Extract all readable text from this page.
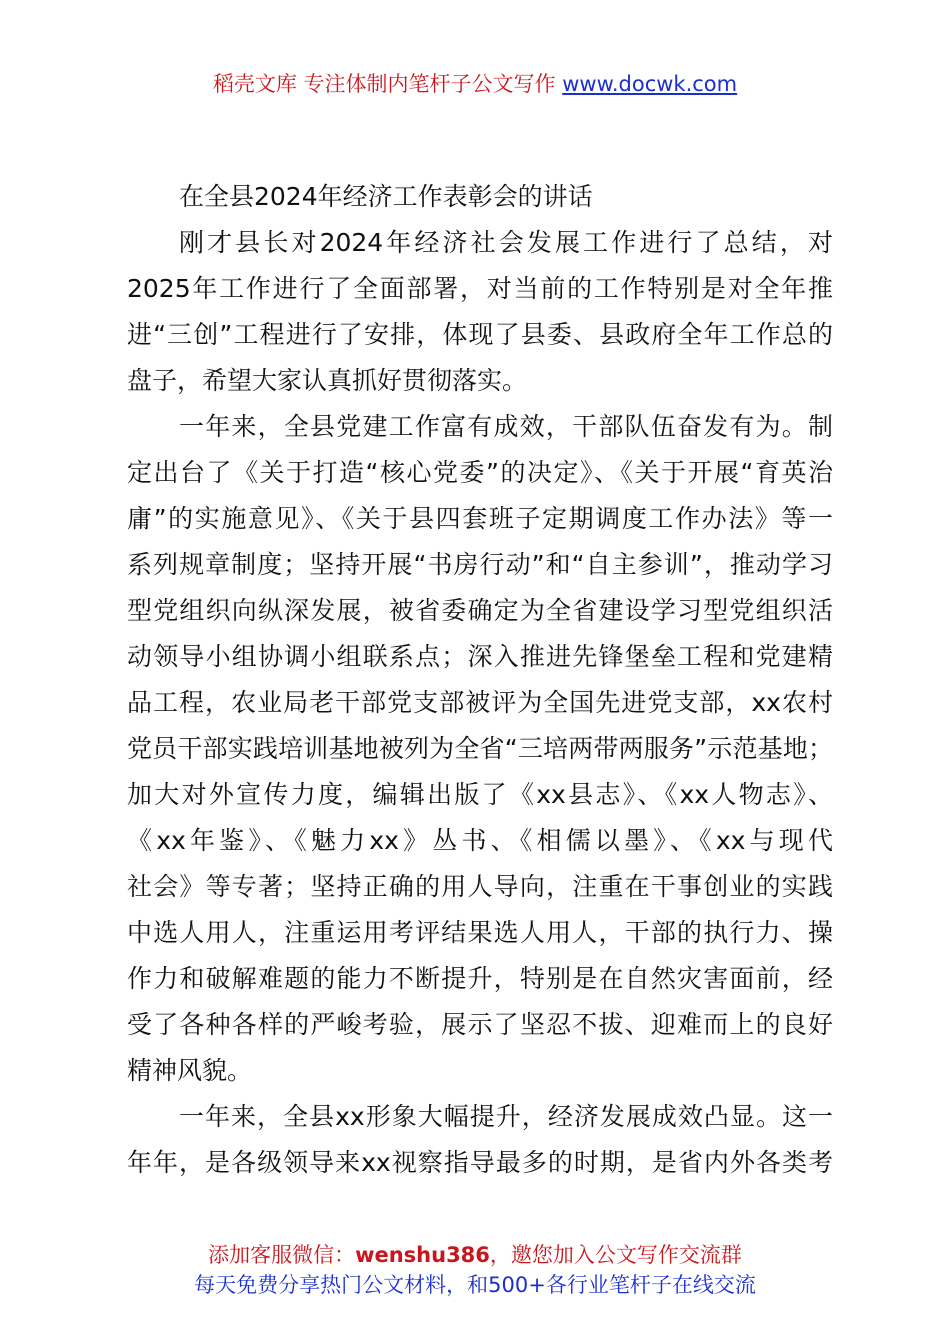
稻壳文库 专注体制内笔杆子公文写作 www.docwk.com

在全县2024年经济工作表彰会的讲话

刚才县长对2024年经济社会发展工作进行了总结，对
2025年工作进行了全面部署，对当前的工作特别是对全年推
进“三创”工程进行了安排，体现了县委、县政府全年工作总的
盘子，希望大家认真抓好贯彻落实。
一年来，全县党建工作富有成效，干部队伍奋发有为。制
定出台了《关于打造“核心党委”的决定》、《关于开展“育英治
庸”的实施意见》、《关于县四套班子定期调度工作办法》等一
系列规章制度；坚持开展“书房行动”和“自主参训”，推动学习
型党组织向纵深发展，被省委确定为全省建设学习型党组织活
动领导小组协调小组联系点；深入推进先锋堡垒工程和党建精
品工程，农业局老干部党支部被评为全国先进党支部，xx农村
党员干部实践培训基地被列为全省“三培两带两服务”示范基地；
加大对外宣传力度，编辑出版了《xx县志》、《xx人物志》、
《xx年鉴》、《魅力xx》丛书、《相儒以墨》、《xx与现代
社会》等专著；坚持正确的用人导向，注重在干事创业的实践
中选人用人，注重运用考评结果选人用人，干部的执行力、操
作力和破解难题的能力不断提升，特别是在自然灾害面前，经
受了各种各样的严峻考验，展示了坚忍不拔、迎难而上的良好
精神风貌。
一年来，全县xx形象大幅提升，经济发展成效凸显。这一
年年，是各级领导来xx视察指导最多的时期，是省内外各类考
添加客服微信：wenshu386，邀您加入公文写作交流群
每天免费分享热门公文材料，和500+各行业笔杆子在线交流
